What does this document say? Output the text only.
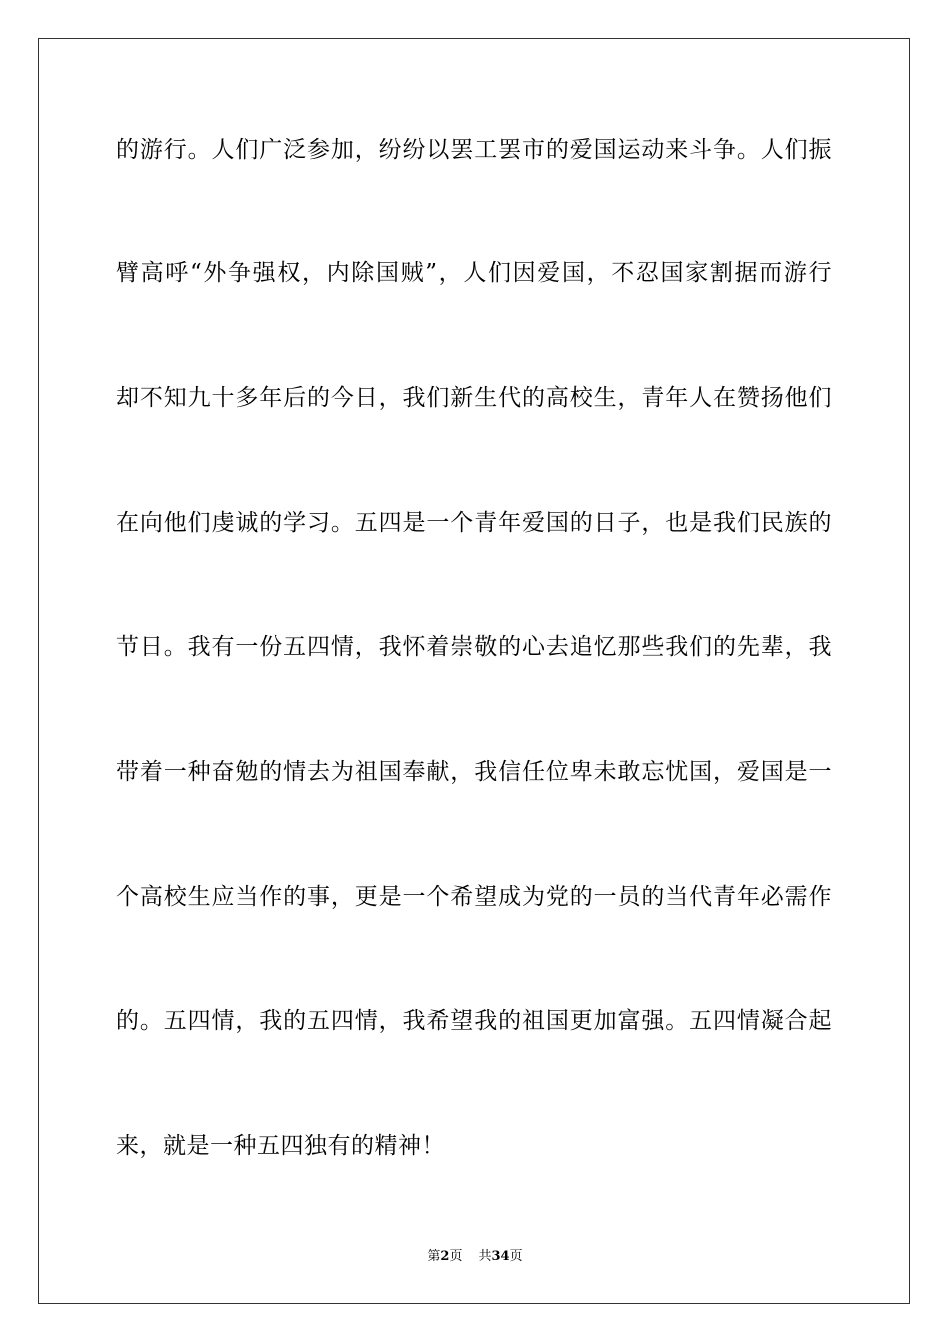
的游行。人们广泛参加，纷纷以罢工罢市的爱国运动来斗争。人们振
臂高呼“外争强权，内除国贼”，人们因爱国，不忍国家割据而游行
却不知九十多年后的今日，我们新生代的高校生，青年人在赞扬他们
在向他们虔诚的学习。五四是一个青年爱国的日子，也是我们民族的
节日。我有一份五四情，我怀着崇敬的心去追忆那些我们的先辈，我
带着一种奋勉的情去为祖国奉献，我信任位卑未敢忘忧国，爱国是一
个高校生应当作的事，更是一个希望成为党的一员的当代青年必需作
的。五四情，我的五四情，我希望我的祖国更加富强。五四情凝合起
来，就是一种五四独有的精神！
第2页 共34页
